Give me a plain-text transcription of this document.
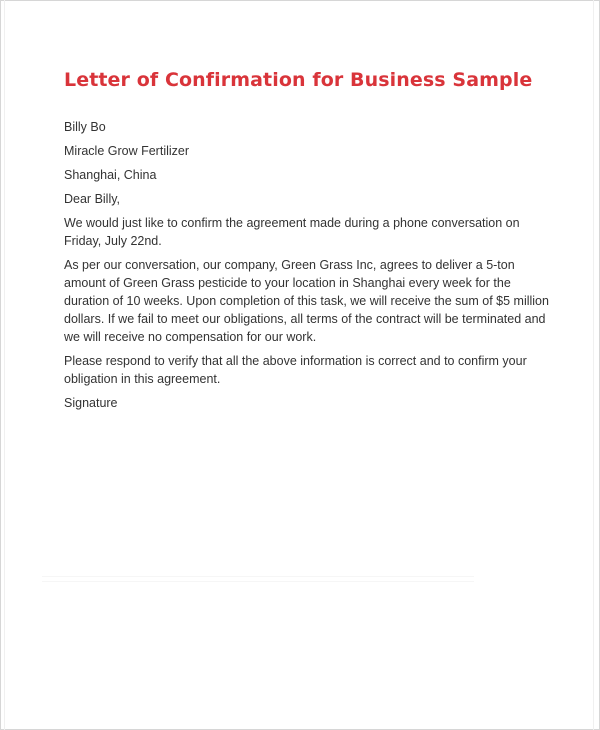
Letter of Confirmation for Business Sample

Billy Bo

Miracle Grow Fertilizer

Shanghai, China

Dear Billy,

We would just like to confirm the agreement made during a phone conversation on Friday, July 22nd.

As per our conversation, our company, Green Grass Inc, agrees to deliver a 5-ton amount of Green Grass pesticide to your location in Shanghai every week for the duration of 10 weeks. Upon completion of this task, we will receive the sum of $5 million dollars. If we fail to meet our obligations, all terms of the contract will be terminated and we will receive no compensation for our work.

Please respond to verify that all the above information is correct and to confirm your obligation in this agreement.

Signature
